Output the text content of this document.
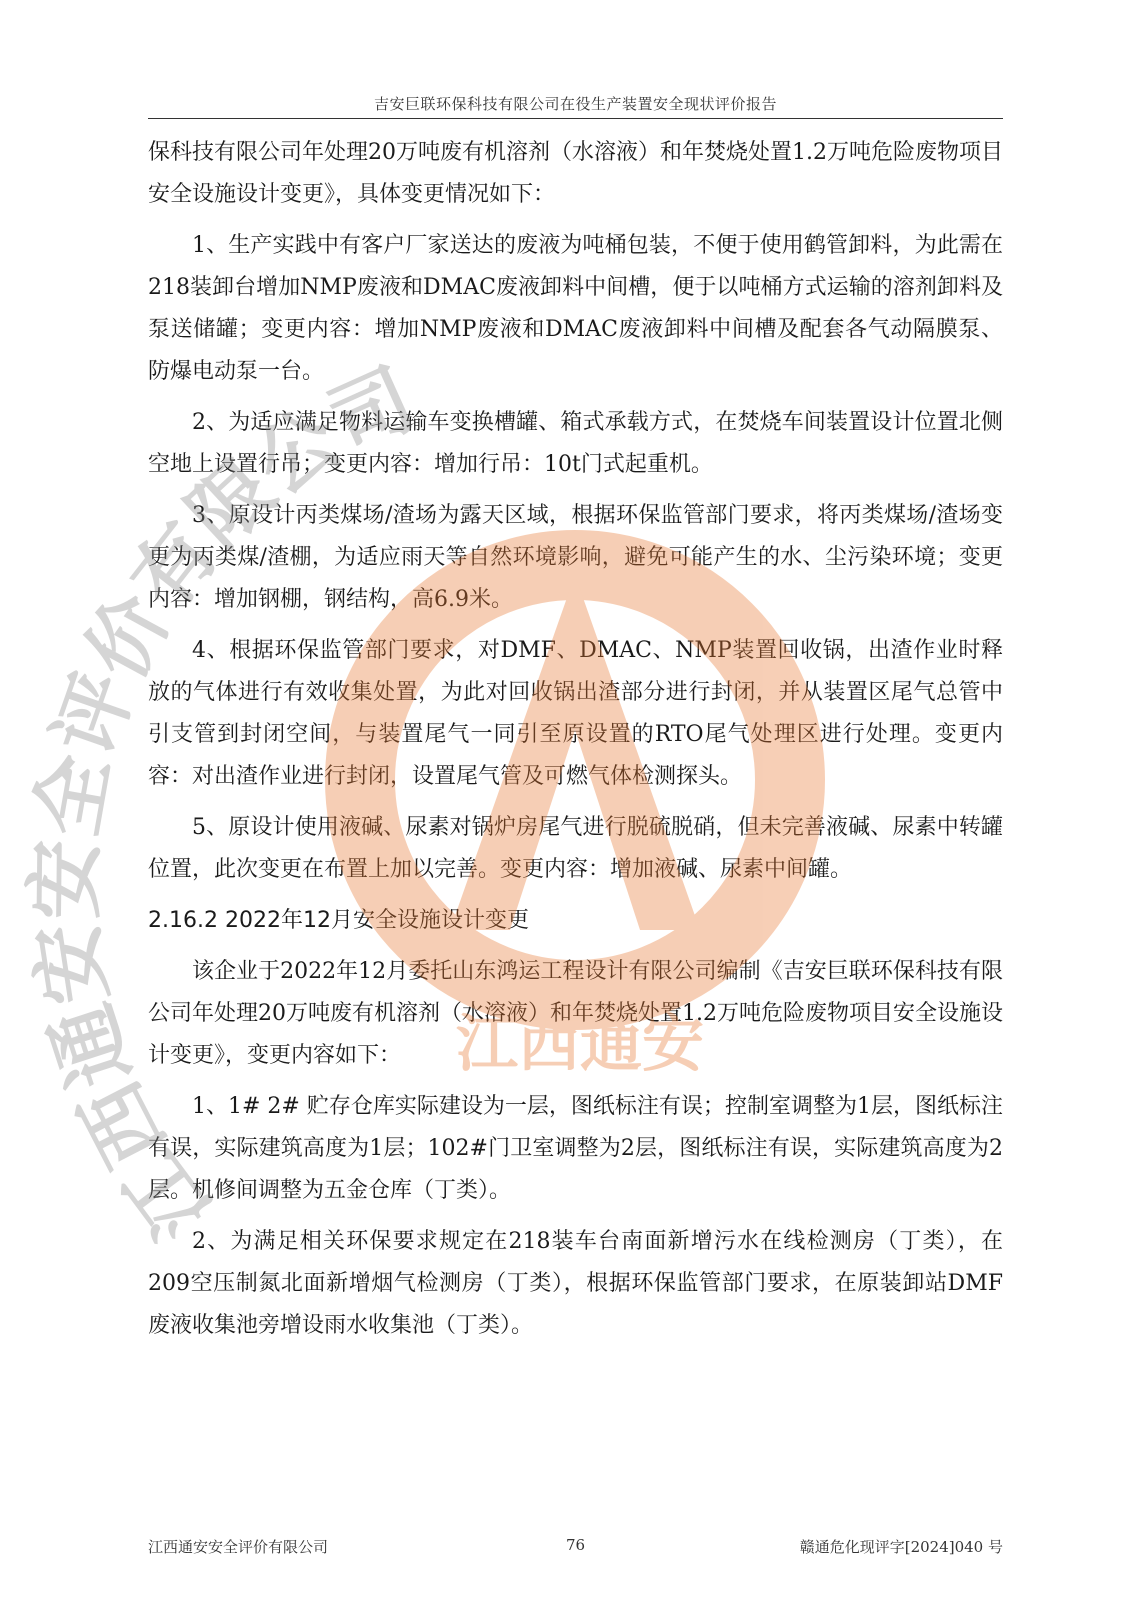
吉安巨联环保科技有限公司在役生产装置安全现状评价报告

保科技有限公司年处理20万吨废有机溶剂（水溶液）和年焚烧处置1.2万吨危险废物项目安全设施设计变更》，具体变更情况如下：

1、生产实践中有客户厂家送达的废液为吨桶包装，不便于使用鹤管卸料，为此需在218装卸台增加NMP废液和DMAC废液卸料中间槽，便于以吨桶方式运输的溶剂卸料及泵送储罐；变更内容：增加NMP废液和DMAC废液卸料中间槽及配套各气动隔膜泵、防爆电动泵一台。

2、为适应满足物料运输车变换槽罐、箱式承载方式，在焚烧车间装置设计位置北侧空地上设置行吊；变更内容：增加行吊：10t门式起重机。

3、原设计丙类煤场/渣场为露天区域，根据环保监管部门要求，将丙类煤场/渣场变更为丙类煤/渣棚，为适应雨天等自然环境影响，避免可能产生的水、尘污染环境；变更内容：增加钢棚，钢结构，高6.9米。

4、根据环保监管部门要求，对DMF、DMAC、NMP装置回收锅，出渣作业时释放的气体进行有效收集处置，为此对回收锅出渣部分进行封闭，并从装置区尾气总管中引支管到封闭空间，与装置尾气一同引至原设置的RTO尾气处理区进行处理。变更内容：对出渣作业进行封闭，设置尾气管及可燃气体检测探头。

5、原设计使用液碱、尿素对锅炉房尾气进行脱硫脱硝，但未完善液碱、尿素中转罐位置，此次变更在布置上加以完善。变更内容：增加液碱、尿素中间罐。

2.16.2 2022年12月安全设施设计变更

该企业于2022年12月委托山东鸿运工程设计有限公司编制《吉安巨联环保科技有限公司年处理20万吨废有机溶剂（水溶液）和年焚烧处置1.2万吨危险废物项目安全设施设计变更》，变更内容如下：

1、1# 2# 贮存仓库实际建设为一层，图纸标注有误；控制室调整为1层，图纸标注有误，实际建筑高度为1层；102#门卫室调整为2层，图纸标注有误，实际建筑高度为2层。机修间调整为五金仓库（丁类）。

2、为满足相关环保要求规定在218装车台南面新增污水在线检测房（丁类），在209空压制氮北面新增烟气检测房（丁类），根据环保监管部门要求，在原装卸站DMF废液收集池旁增设雨水收集池（丁类）。

江西通安安全评价有限公司
江西通安
江西通安安全评价有限公司	76	赣通危化现评字[2024]040 号
